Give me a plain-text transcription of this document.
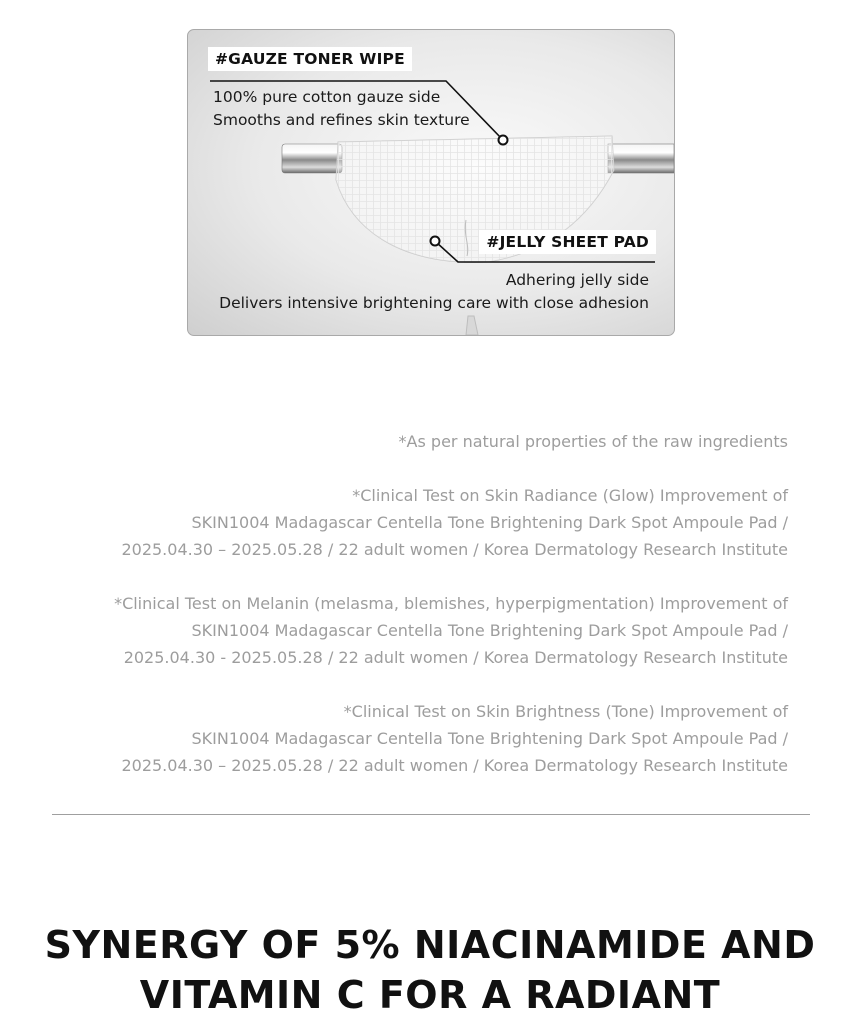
#GAUZE TONER WIPE
100% pure cotton gauze side
Smooths and refines skin texture
#JELLY SHEET PAD
Adhering jelly side
Delivers intensive brightening care with close adhesion

*As per natural properties of the raw ingredients

*Clinical Test on Skin Radiance (Glow) Improvement of

SKIN1004 Madagascar Centella Tone Brightening Dark Spot Ampoule Pad /

2025.04.30 – 2025.05.28 / 22 adult women / Korea Dermatology Research Institute

*Clinical Test on Melanin (melasma, blemishes, hyperpigmentation) Improvement of

SKIN1004 Madagascar Centella Tone Brightening Dark Spot Ampoule Pad /

2025.04.30 - 2025.05.28 / 22 adult women / Korea Dermatology Research Institute

*Clinical Test on Skin Brightness (Tone) Improvement of

SKIN1004 Madagascar Centella Tone Brightening Dark Spot Ampoule Pad /

2025.04.30 – 2025.05.28 / 22 adult women / Korea Dermatology Research Institute

SYNERGY OF 5% NIACINAMIDE AND VITAMIN C FOR A RADIANT
